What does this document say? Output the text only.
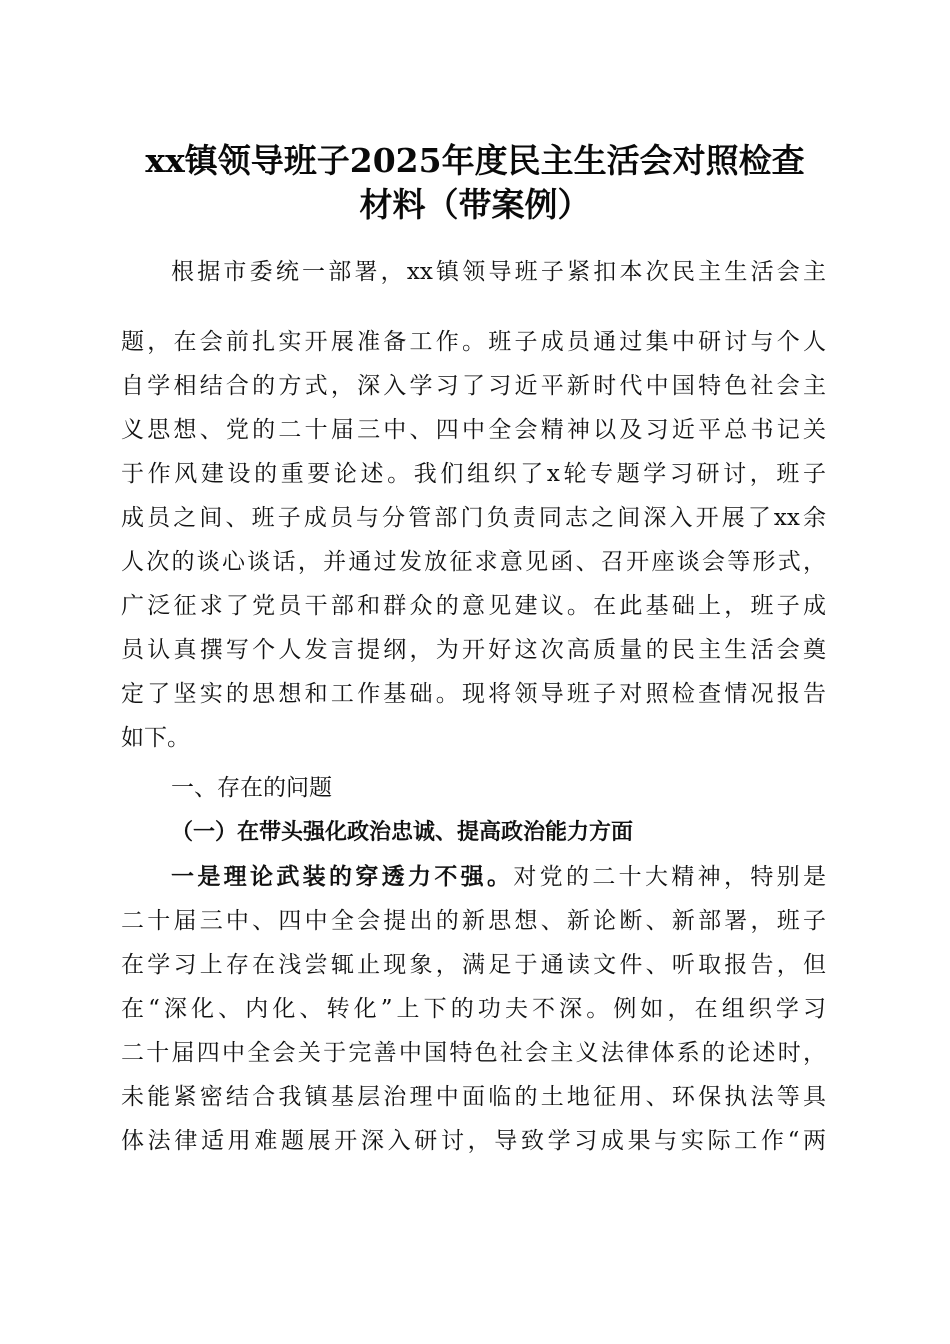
xx镇领导班子2025年度民主生活会对照检查
材料（带案例）
根据市委统一部署，xx镇领导班子紧扣本次民主生活会主
题，在会前扎实开展准备工作。班子成员通过集中研讨与个人
自学相结合的方式，深入学习了习近平新时代中国特色社会主
义思想、党的二十届三中、四中全会精神以及习近平总书记关
于作风建设的重要论述。我们组织了x轮专题学习研讨，班子
成员之间、班子成员与分管部门负责同志之间深入开展了xx余
人次的谈心谈话，并通过发放征求意见函、召开座谈会等形式，
广泛征求了党员干部和群众的意见建议。在此基础上，班子成
员认真撰写个人发言提纲，为开好这次高质量的民主生活会奠
定了坚实的思想和工作基础。现将领导班子对照检查情况报告
如下。
一、存在的问题
（一）在带头强化政治忠诚、提高政治能力方面
一是理论武装的穿透力不强。对党的二十大精神，特别是
二十届三中、四中全会提出的新思想、新论断、新部署，班子
在学习上存在浅尝辄止现象，满足于通读文件、听取报告，但
在“深化、内化、转化”上下的功夫不深。例如，在组织学习
二十届四中全会关于完善中国特色社会主义法律体系的论述时，
未能紧密结合我镇基层治理中面临的土地征用、环保执法等具
体法律适用难题展开深入研讨，导致学习成果与实际工作“两
